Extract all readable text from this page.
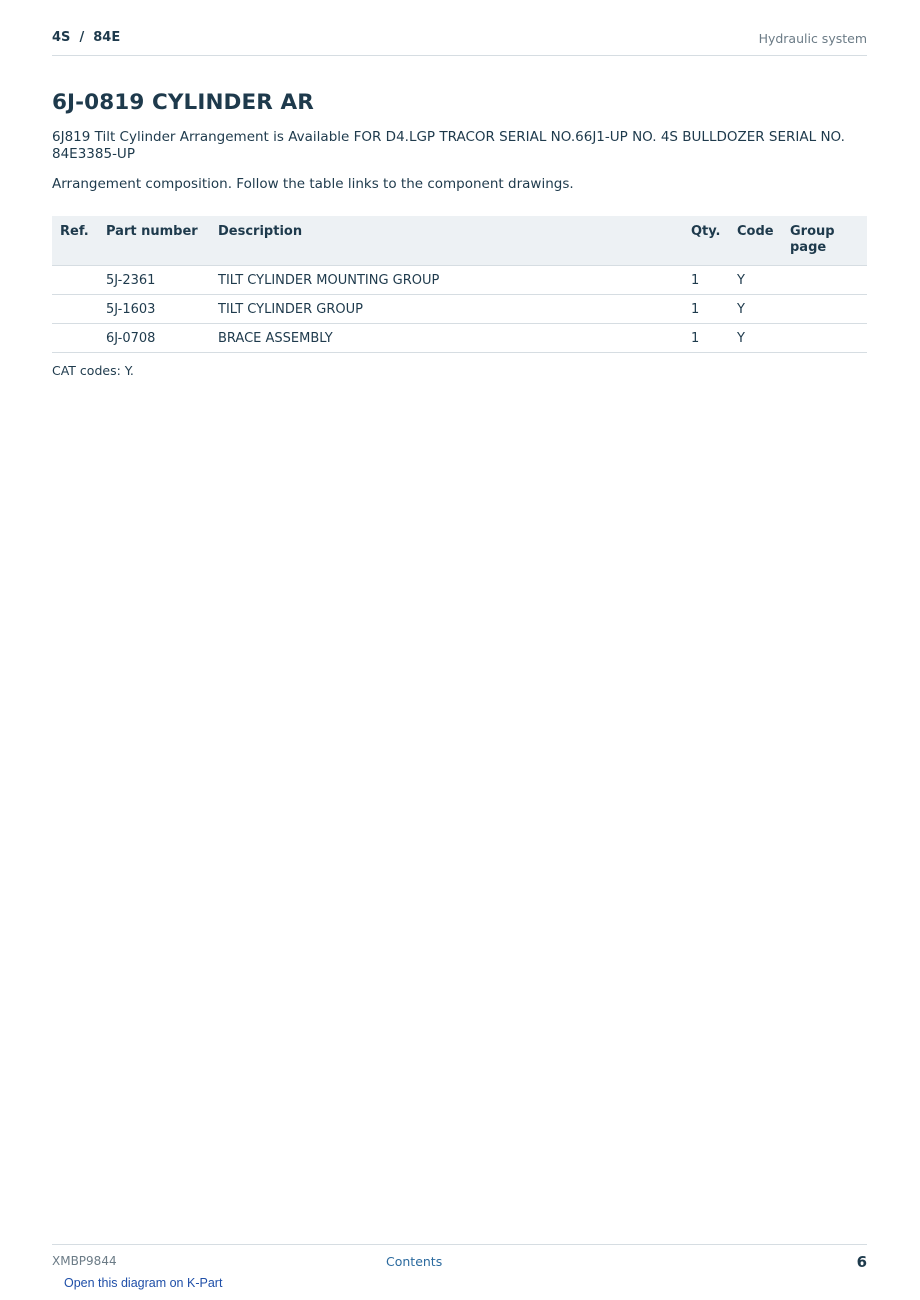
4S  /  84E	Hydraulic system
6J-0819 CYLINDER AR

6J819 Tilt Cylinder Arrangement is Available FOR D4.LGP TRACOR SERIAL NO.66J1-UP NO. 4S BULLDOZER SERIAL NO. 84E3385-UP

Arrangement composition. Follow the table links to the component drawings.

Ref.	Part number	Description	Qty.	Code	Group page
	5J-2361	TILT CYLINDER MOUNTING GROUP	1	Y	
	5J-1603	TILT CYLINDER GROUP	1	Y	
	6J-0708	BRACE ASSEMBLY	1	Y	

CAT codes: Y.

XMBP9844	Contents	6
Open this diagram on K-Part
